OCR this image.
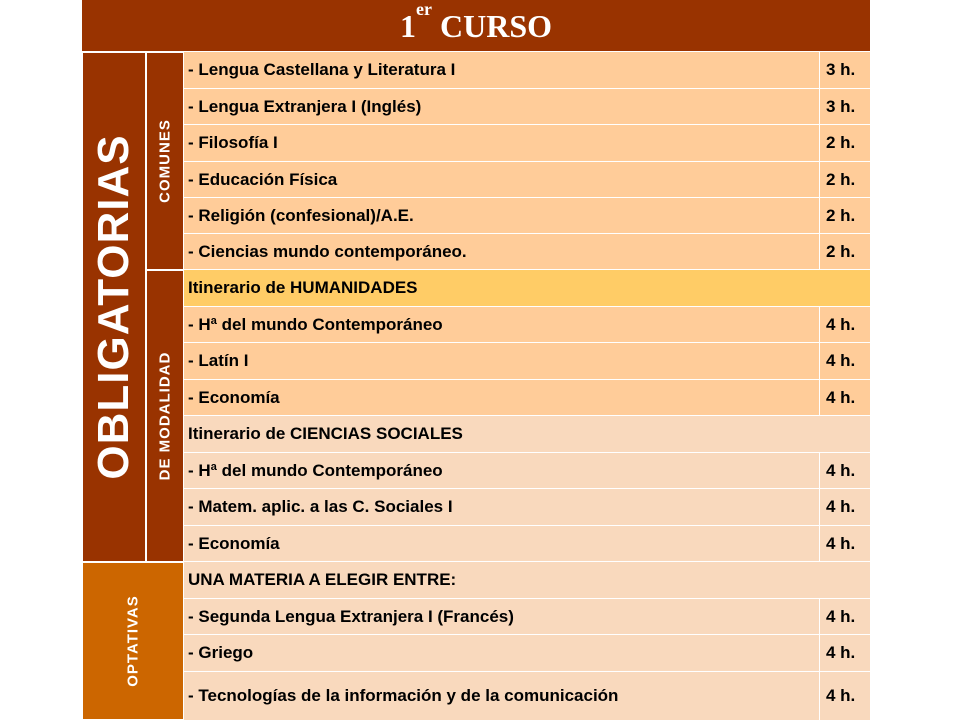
1er CURSO
OBLIGATORIAS COMUNES
DE MODALIDAD
OPTATIVAS
- Lengua Castellana y Literatura I	3 h.
- Lengua Extranjera I (Inglés)	3 h.
- Filosofía I	2 h.
- Educación Física	2 h.
- Religión (confesional)/A.E.	2 h.
- Ciencias mundo contemporáneo.	2 h.
Itinerario de HUMANIDADES
- Hª del mundo Contemporáneo	4 h.
- Latín I	4 h.
- Economía	4 h.
Itinerario de CIENCIAS SOCIALES
- Hª del mundo Contemporáneo	4 h.
- Matem. aplic. a las C. Sociales I	4 h.
- Economía	4 h.
UNA MATERIA A ELEGIR ENTRE:
- Segunda Lengua Extranjera I (Francés)	4 h.
- Griego	4 h.
- Tecnologías de la información y de la comunicación	4 h.
